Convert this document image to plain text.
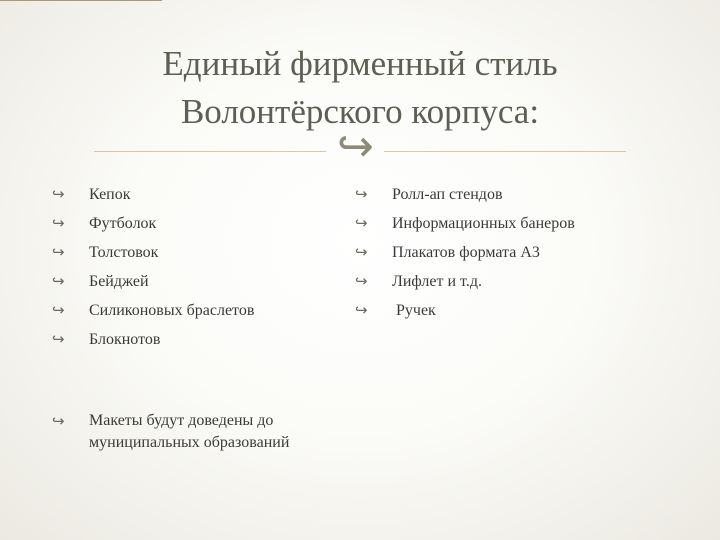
Единый фирменный стиль
Волонтёрского корпуса:
↪
↪ Кепок
↪ Футболок
↪ Толстовок
↪ Бейджей
↪ Силиконовых браслетов
↪ Блокнотов
↪ Ролл-ап стендов
↪ Информационных банеров
↪ Плакатов формата А3
↪ Лифлет и т.д.
↪ Ручек
↪ Макеты будут доведены до
муниципальных образований
